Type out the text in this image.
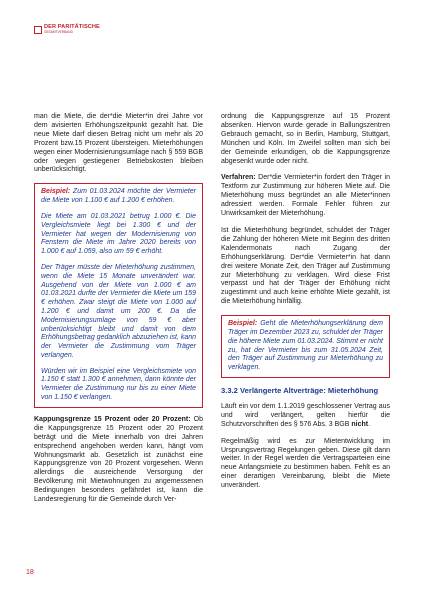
DER PARITÄTISCHE
GESAMTVERBAND

man die Miete, die der*die Mieter*in drei Jahre vor dem avisierten Erhöhungszeitpunkt gezahlt hat. Die neue Miete darf diesen Betrag nicht um mehr als 20 Prozent bzw.15 Prozent übersteigen. Mieterhöhungen wegen einer Modernisierungsumlage nach § 559 BGB oder wegen gestiegener Betriebskosten bleiben unberücksichtigt.

Beispiel: Zum 01.03.2024 möchte der Vermieter die Miete von 1.100 € auf 1.200 € erhöhen.

Die Miete am 01.03.2021 betrug 1.000 €. Die Vergleichsmiete liegt bei 1.300 € und der Vermieter hat wegen der Modernisierung von Fenstern die Miete im Jahre 2020 bereits von 1.000 € auf 1.059, also um 59 € erhöht.

Der Träger müsste der Mieterhöhung zustimmen, wenn die Miete 15 Monate unverändert war. Ausgehend von der Miete von 1.000 € am 01.03.2021 durfte der Vermieter die Miete um 159 € erhöhen. Zwar steigt die Miete von 1.000 auf 1.200 € und damit um 200 €. Da die Modernisierungsumlage von 59 € aber unberücksichtigt bleibt und damit von dem Erhöhungsbetrag gedanklich abzuziehen ist, kann der Vermieter die Zustimmung vom Träger verlangen.

Würden wir im Beispiel eine Vergleichsmiete von 1.150 € statt 1.300 € annehmen, dann könnte der Vermieter die Zustimmung nur bis zu einer Miete von 1.150 € verlangen.

Kappungsgrenze 15 Prozent oder 20 Prozent: Ob die Kappungsgrenze 15 Prozent oder 20 Prozent beträgt und die Miete innerhalb von drei Jahren entsprechend angehoben werden kann, hängt vom Wohnungsmarkt ab. Gesetzlich ist zunächst eine Kappungsgrenze von 20 Prozent vorgesehen. Wenn allerdings die ausreichende Versorgung der Bevölkerung mit Mietwohnungen zu angemessenen Bedingungen besonders gefährdet ist, kann die Landesregierung für die Gemeinde durch Ver-

ordnung die Kappungsgrenze auf 15 Prozent absenken. Hiervon wurde gerade in Ballungszentren Gebrauch gemacht, so in Berlin, Hamburg, Stuttgart, München und Köln. Im Zweifel sollten man sich bei der Gemeinde erkundigen, ob die Kappungsgrenze abgesenkt wurde oder nicht.

Verfahren: Der*die Vermieter*in fordert den Träger in Textform zur Zustimmung zur höheren Miete auf. Die Mieterhöhung muss begründet an alle Mieter*innen adressiert werden. Formale Fehler führen zur Unwirksamkeit der Mieterhöhung.

Ist die Mieterhöhung begründet, schuldet der Träger die Zahlung der höheren Miete mit Beginn des dritten Kalendermonats nach Zugang der Erhöhungserklärung. Der*die Vermieter*in hat dann drei weitere Monate Zeit, den Träger auf Zustimmung zur Mieterhöhung zu verklagen. Wird diese Frist verpasst und hat der Träger der Erhöhung nicht zugestimmt und auch keine erhöhte Miete gezahlt, ist die Mieterhöhung hinfällig.

Beispiel: Geht die Mieterhöhungserklärung dem Träger im Dezember 2023 zu, schuldet der Träger die höhere Miete zum 01.03.2024. Stimmt er nicht zu, hat der Vermieter bis zum 31.05.2024 Zeit, den Träger auf Zustimmung zur Mieterhöhung zu verklagen.

3.3.2 Verlängerte Altverträge: Mieterhöhung

Läuft ein vor dem 1.1.2019 geschlossener Vertrag aus und wird verlängert, gelten hierfür die Schutzvorschriften des § 576 Abs. 3 BGB nicht.

Regelmäßig wird es zur Mietentwicklung im Ursprungsvertrag Regelungen geben. Diese gilt dann weiter. In der Regel werden die Vertragsparteien eine neue Anfangsmiete zu bestimmen haben. Fehlt es an einer derartigen Vereinbarung, bleibt die Miete unverändert.

18
